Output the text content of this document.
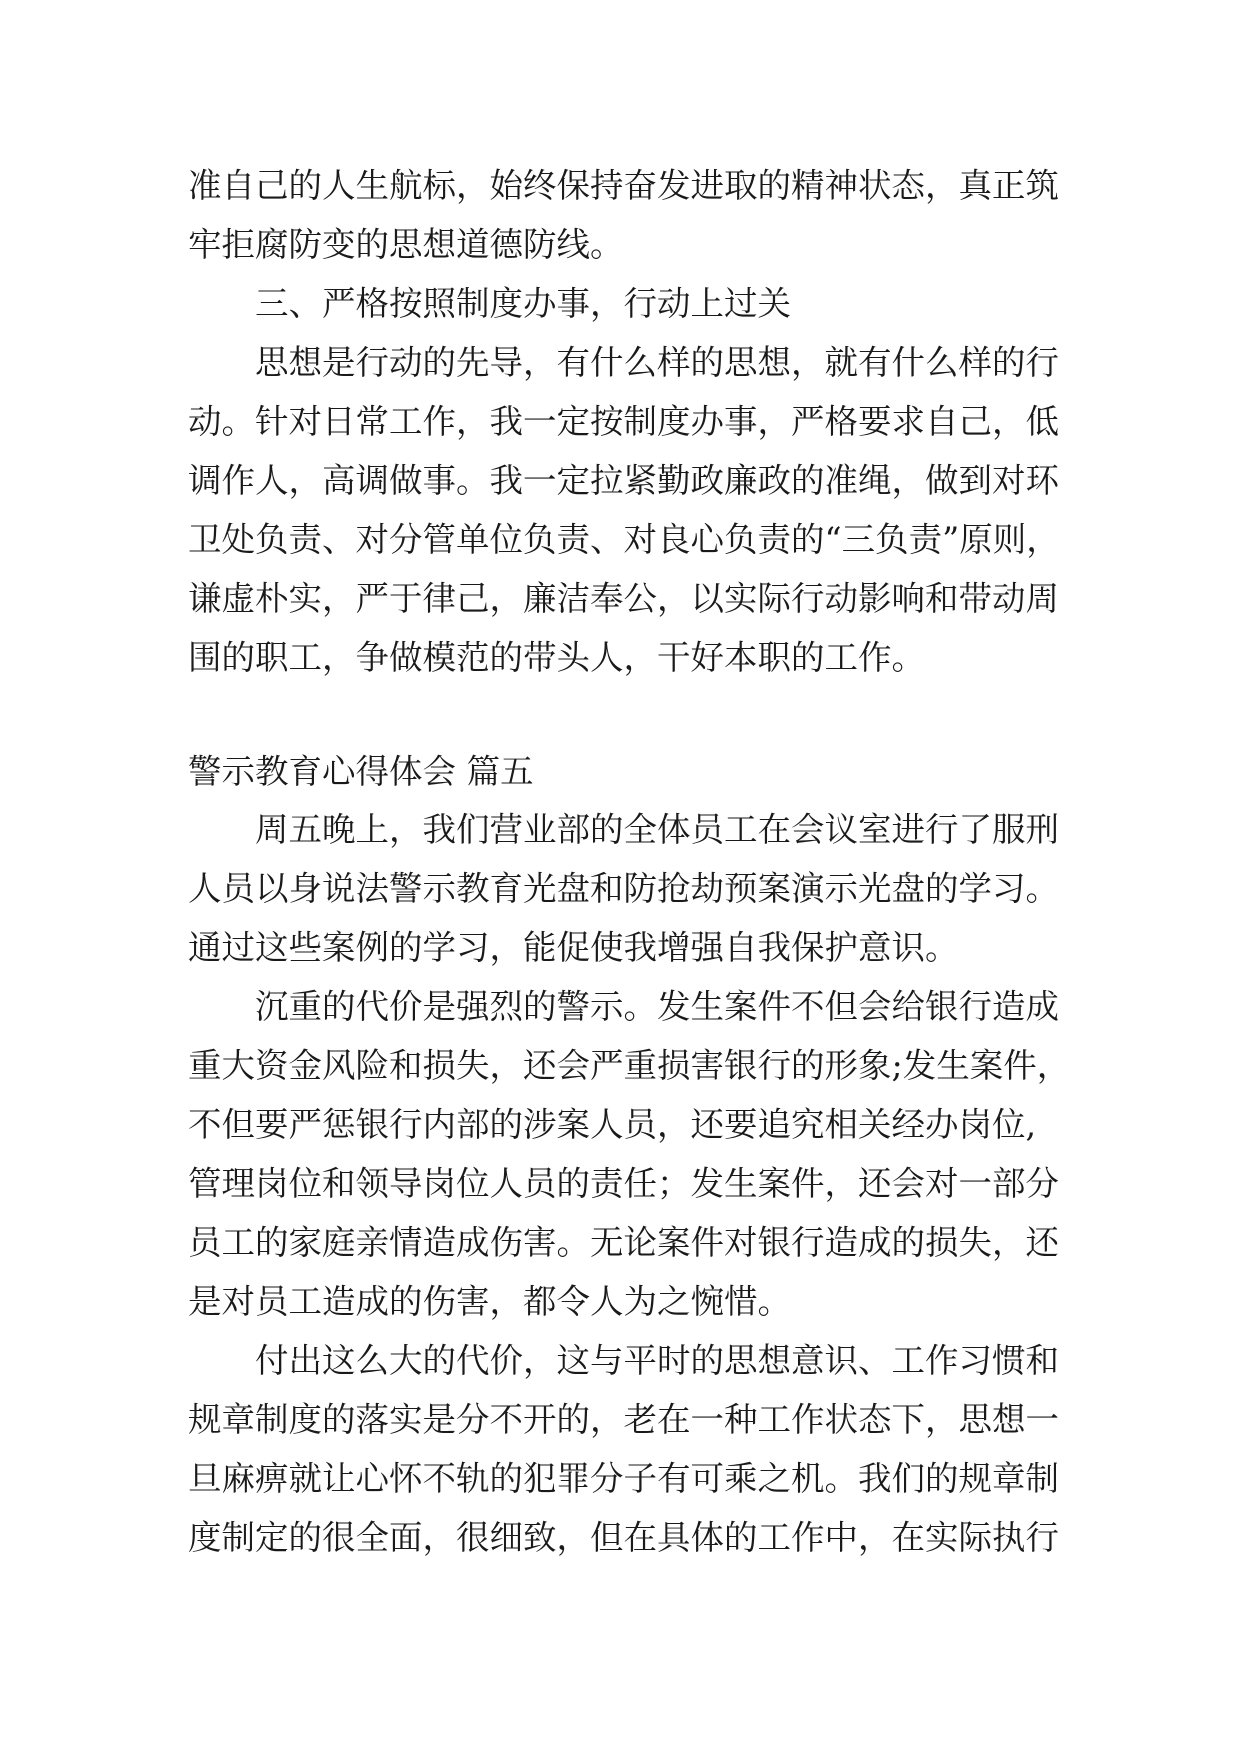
准自己的人生航标，始终保持奋发进取的精神状态，真正筑
牢拒腐防变的思想道德防线。
三、严格按照制度办事，行动上过关
思想是行动的先导，有什么样的思想，就有什么样的行
动。针对日常工作，我一定按制度办事，严格要求自己，低
调作人，高调做事。我一定拉紧勤政廉政的准绳，做到对环
卫处负责、对分管单位负责、对良心负责的“三负责”原则，
谦虚朴实，严于律己，廉洁奉公，以实际行动影响和带动周
围的职工，争做模范的带头人，干好本职的工作。
警示教育心得体会 篇五
周五晚上，我们营业部的全体员工在会议室进行了服刑
人员以身说法警示教育光盘和防抢劫预案演示光盘的学习。
通过这些案例的学习，能促使我增强自我保护意识。
沉重的代价是强烈的警示。发生案件不但会给银行造成
重大资金风险和损失，还会严重损害银行的形象;发生案件，
不但要严惩银行内部的涉案人员，还要追究相关经办岗位,
管理岗位和领导岗位人员的责任；发生案件，还会对一部分
员工的家庭亲情造成伤害。无论案件对银行造成的损失，还
是对员工造成的伤害，都令人为之惋惜。
付出这么大的代价，这与平时的思想意识、工作习惯和
规章制度的落实是分不开的，老在一种工作状态下，思想一
旦麻痹就让心怀不轨的犯罪分子有可乘之机。我们的规章制
度制定的很全面，很细致，但在具体的工作中，在实际执行
